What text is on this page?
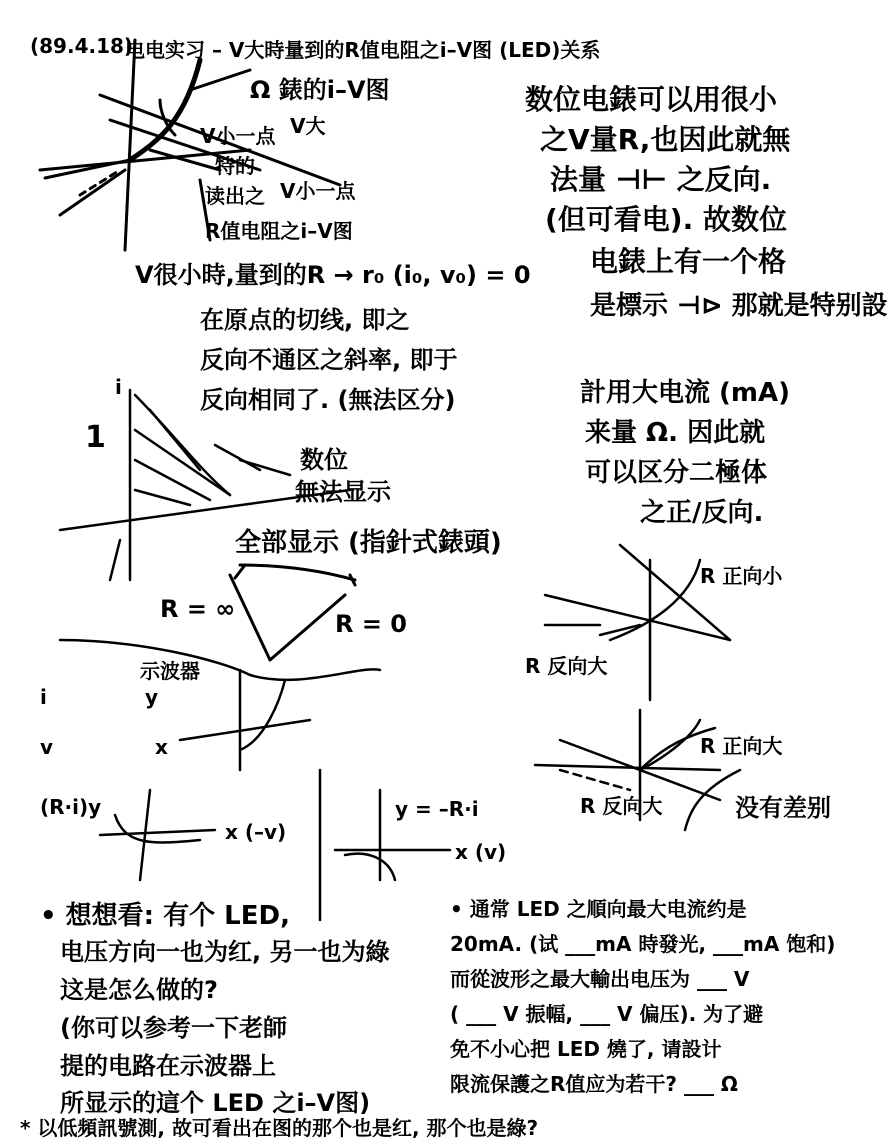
(89.4.18)
电电实习 – V大時量到的R值电阻之i–V图 (LED)关系
Ω 錶的i–V图
V大
V小一点
特的
读出之 V小一点
R值电阻之i–V图
数位电錶可以用很小
之V量R,也因此就無
法量 ⊣⊢ 之反向.
(但可看电). 故数位
电錶上有一个格
是標示 ⊣⊳ 那就是特别設
計用大电流 (mA)
来量 Ω. 因此就
可以区分二極体
之正/反向.
V很小時,量到的R → r₀ (i₀, v₀) = 0
在原点的切线, 即之
反向不通区之斜率, 即于
反向相同了. (無法区分)
i
1
数位
無法显示
全部显示 (指針式錶頭)
R = ∞
R = 0
示波器
i	y
v	x
(R·i)y
x (–v)
y = –R·i
x (v)
R 正向小
R 反向大
R 正向大
R 反向大	没有差别
• 想想看: 有个 LED,
电压方向一也为红, 另一也为綠
这是怎么做的?
(你可以参考一下老師
提的电路在示波器上
所显示的這个 LED 之i–V图)
• 通常 LED 之順向最大电流约是
20mA. (试 ___mA 時發光, ___mA 饱和)
而從波形之最大輸出电压为 ___ V
( ___ V 振幅, ___ V 偏压). 为了避
免不小心把 LED 燒了, 请設计
限流保護之R值应为若干? ___ Ω
* 以低頻訊號測, 故可看出在图的那个也是红, 那个也是綠?
